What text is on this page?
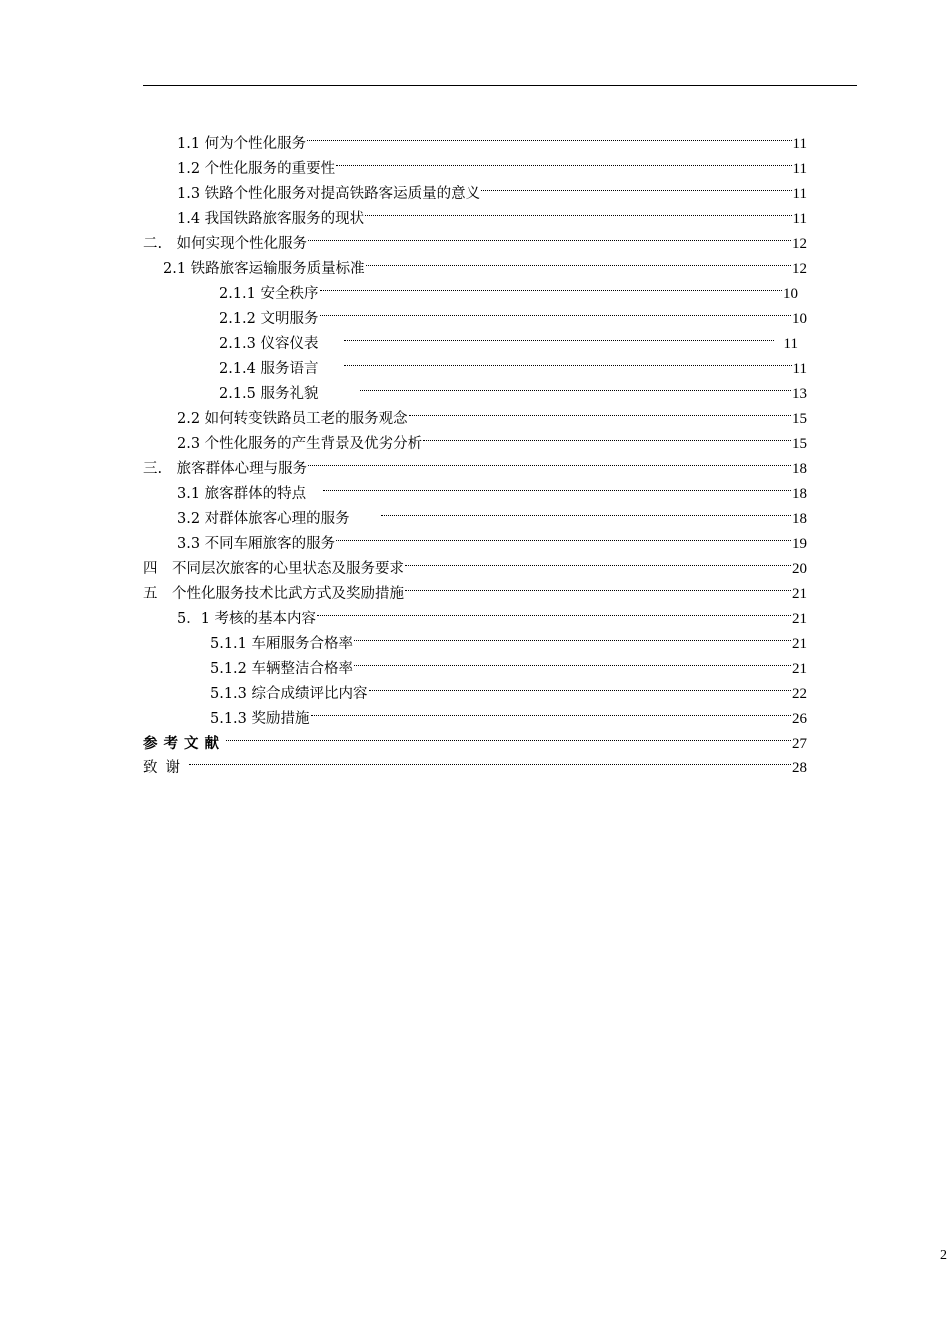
1.1 何为个性化服务	11
1.2 个性化服务的重要性	11
1.3 铁路个性化服务对提高铁路客运质量的意义	11
1.4 我国铁路旅客服务的现状	11
二.　如何实现个性化服务	12
2.1 铁路旅客运输服务质量标准	12
2.1.1 安全秩序	10
2.1.2 文明服务	10
2.1.3 仪容仪表	11
2.1.4 服务语言	11
2.1.5 服务礼貌	13
2.2 如何转变铁路员工老的服务观念	15
2.3 个性化服务的产生背景及优劣分析	15
三.　旅客群体心理与服务	18
3.1 旅客群体的特点	18
3.2 对群体旅客心理的服务	18
3.3 不同车厢旅客的服务	19
四　不同层次旅客的心里状态及服务要求	20
五　个性化服务技术比武方式及奖励措施	21
5．1 考核的基本内容	21
5.1.1 车厢服务合格率	21
5.1.2 车辆整洁合格率	21
5.1.3 综合成绩评比内容	22
5.1.3 奖励措施	26
参考文献	27
致谢	28
2
